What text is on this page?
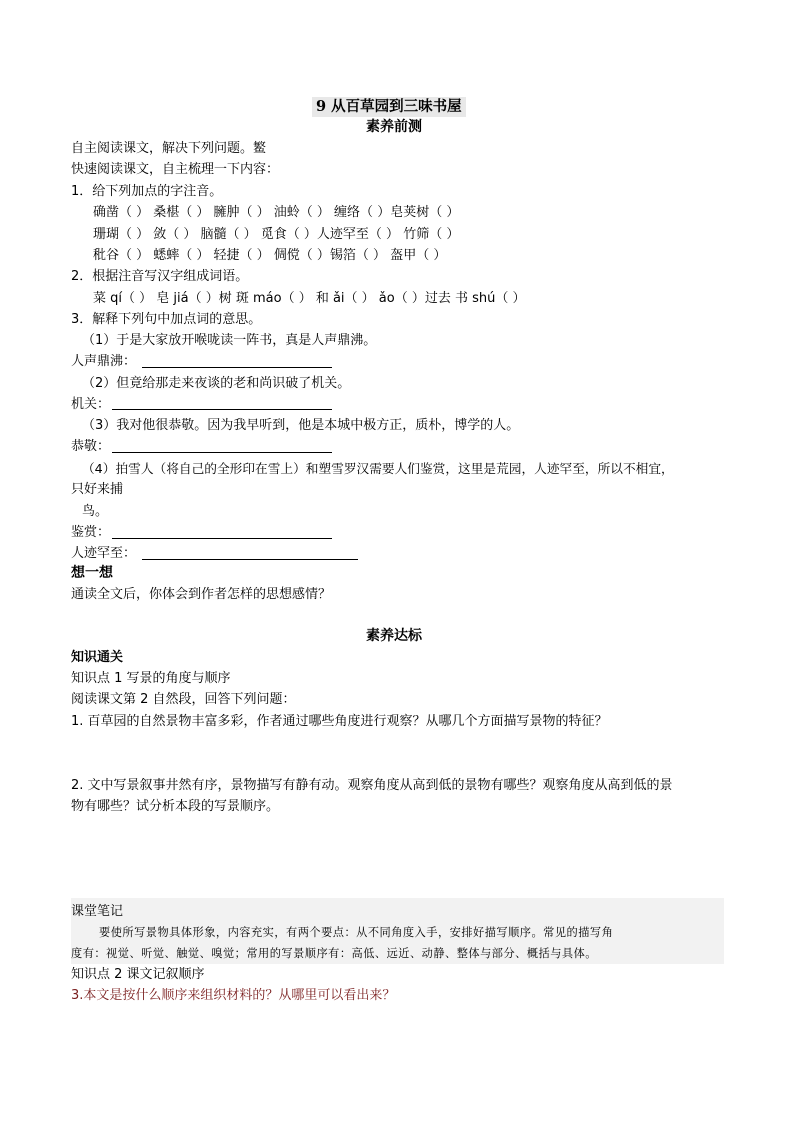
9 从百草园到三味书屋
素养前测
自主阅读课文，解决下列问题。鳘
快速阅读课文，自主梳理一下内容：
1．给下列加点的字注音。
确凿（ ） 桑椹（ ） 臃肿（ ） 油蛉（ ） 缠络（ ）皂荚树（ ）
珊瑚（ ） 敛（ ） 脑髓（ ） 觅食（ ）人迹罕至（ ） 竹筛（ ）
秕谷（ ） 蟋蟀（ ） 轻捷（ ） 倜傥（ ）锡箔（ ） 盔甲（ ）
2．根据注音写汉字组成词语。
菜 qí（ ） 皂 jiá（ ）树 斑 máo（ ） 和 ǎi（ ） ǎo（ ）过去 书 shú（ ）
3．解释下列句中加点词的意思。
（1）于是大家放开喉咙读一阵书，真是人声鼎沸。
人声鼎沸：
（2）但竟给那走来夜谈的老和尚识破了机关。
机关：
（3）我对他很恭敬。因为我早听到，他是本城中极方正，质朴，博学的人。
恭敬：
（4）拍雪人（将自己的全形印在雪上）和塑雪罗汉需要人们鉴赏，这里是荒园，人迹罕至，所以不相宜，
只好来捕
鸟。
鉴赏：
人迹罕至：
想一想
通读全文后，你体会到作者怎样的思想感情？
素养达标
知识通关
知识点 1 写景的角度与顺序
阅读课文第 2 自然段，回答下列问题：
1. 百草园的自然景物丰富多彩，作者通过哪些角度进行观察？从哪几个方面描写景物的特征？
2. 文中写景叙事井然有序，景物描写有静有动。观察角度从高到低的景物有哪些？观察角度从高到低的景
物有哪些？试分析本段的写景顺序。
课堂笔记
要使所写景物具体形象，内容充实，有两个要点：从不同角度入手，安排好描写顺序。常见的描写角
度有：视觉、听觉、触觉、嗅觉；常用的写景顺序有：高低、远近、动静、整体与部分、概括与具体。
知识点 2 课文记叙顺序
3.本文是按什么顺序来组织材料的？从哪里可以看出来？
